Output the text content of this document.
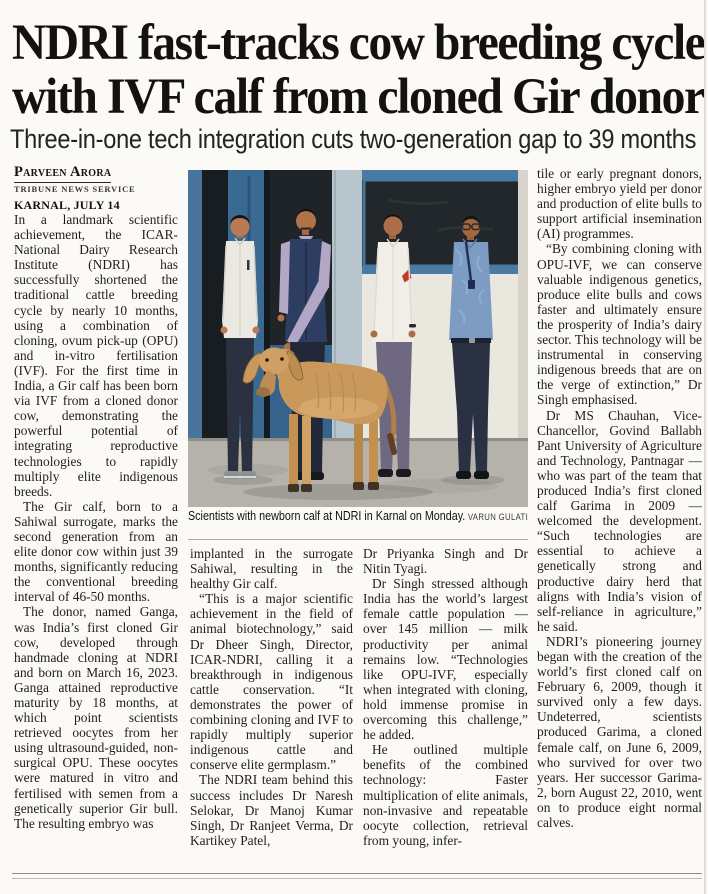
NDRI fast-tracks cow breeding cycle
with IVF calf from cloned Gir donor
Three-in-one tech integration cuts two-generation gap to 39 months
Parveen Arora
TRIBUNE NEWS SERVICE
KARNAL, JULY 14

In a landmark scientific achievement, the ICAR-National Dairy Research Institute (NDRI) has successfully shortened the traditional cattle breeding cycle by nearly 10 months, using a combination of cloning, ovum pick-up (OPU) and in-vitro fertilisation (IVF). For the first time in India, a Gir calf has been born via IVF from a cloned donor cow, demonstrating the powerful potential of integrating reproductive technologies to rapidly multiply elite indigenous breeds.

The Gir calf, born to a Sahiwal surrogate, marks the second generation from an elite donor cow within just 39 months, significantly reducing the conventional breeding interval of 46-50 months.

The donor, named Ganga, was India’s first cloned Gir cow, developed through handmade cloning at NDRI and born on March 16, 2023. Ganga attained reproductive maturity by 18 months, at which point scientists retrieved oocytes from her using ultrasound-guided, non-surgical OPU. These oocytes were matured in vitro and fertilised with semen from a genetically superior Gir bull. The resulting embryo was

Scientists with newborn calf at NDRI in Karnal on Monday. VARUN GULATI

implanted in the surrogate Sahiwal, resulting in the healthy Gir calf.

“This is a major scientific achievement in the field of animal biotechnology,” said Dr Dheer Singh, Director, ICAR-NDRI, calling it a breakthrough in indigenous cattle conservation. “It demonstrates the power of combining cloning and IVF to rapidly multiply superior indigenous cattle and conserve elite germplasm.”

The NDRI team behind this success includes Dr Naresh Selokar, Dr Manoj Kumar Singh, Dr Ranjeet Verma, Dr Kartikey Patel,

Dr Priyanka Singh and Dr Nitin Tyagi.

Dr Singh stressed although India has the world’s largest female cattle population — over 145 million — milk productivity per animal remains low. “Technologies like OPU-IVF, especially when integrated with cloning, hold immense promise in overcoming this challenge,” he added.

He outlined multiple benefits of the combined technology: Faster multiplication of elite animals, non-invasive and repeatable oocyte collection, retrieval from young, infer-

tile or early pregnant donors, higher embryo yield per donor and production of elite bulls to support artificial insemination (AI) programmes.

“By combining cloning with OPU-IVF, we can conserve valuable indigenous genetics, produce elite bulls and cows faster and ultimately ensure the prosperity of India’s dairy sector. This technology will be instrumental in conserving indigenous breeds that are on the verge of extinction,” Dr Singh emphasised.

Dr MS Chauhan, Vice-Chancellor, Govind Ballabh Pant University of Agriculture and Technology, Pantnagar — who was part of the team that produced India’s first cloned calf Garima in 2009 — welcomed the development. “Such technologies are essential to achieve a genetically strong and productive dairy herd that aligns with India’s vision of self-reliance in agriculture,” he said.

NDRI’s pioneering journey began with the creation of the world’s first cloned calf on February 6, 2009, though it survived only a few days. Undeterred, scientists produced Garima, a cloned female calf, on June 6, 2009, who survived for over two years. Her successor Garima-2, born August 22, 2010, went on to produce eight normal calves.
